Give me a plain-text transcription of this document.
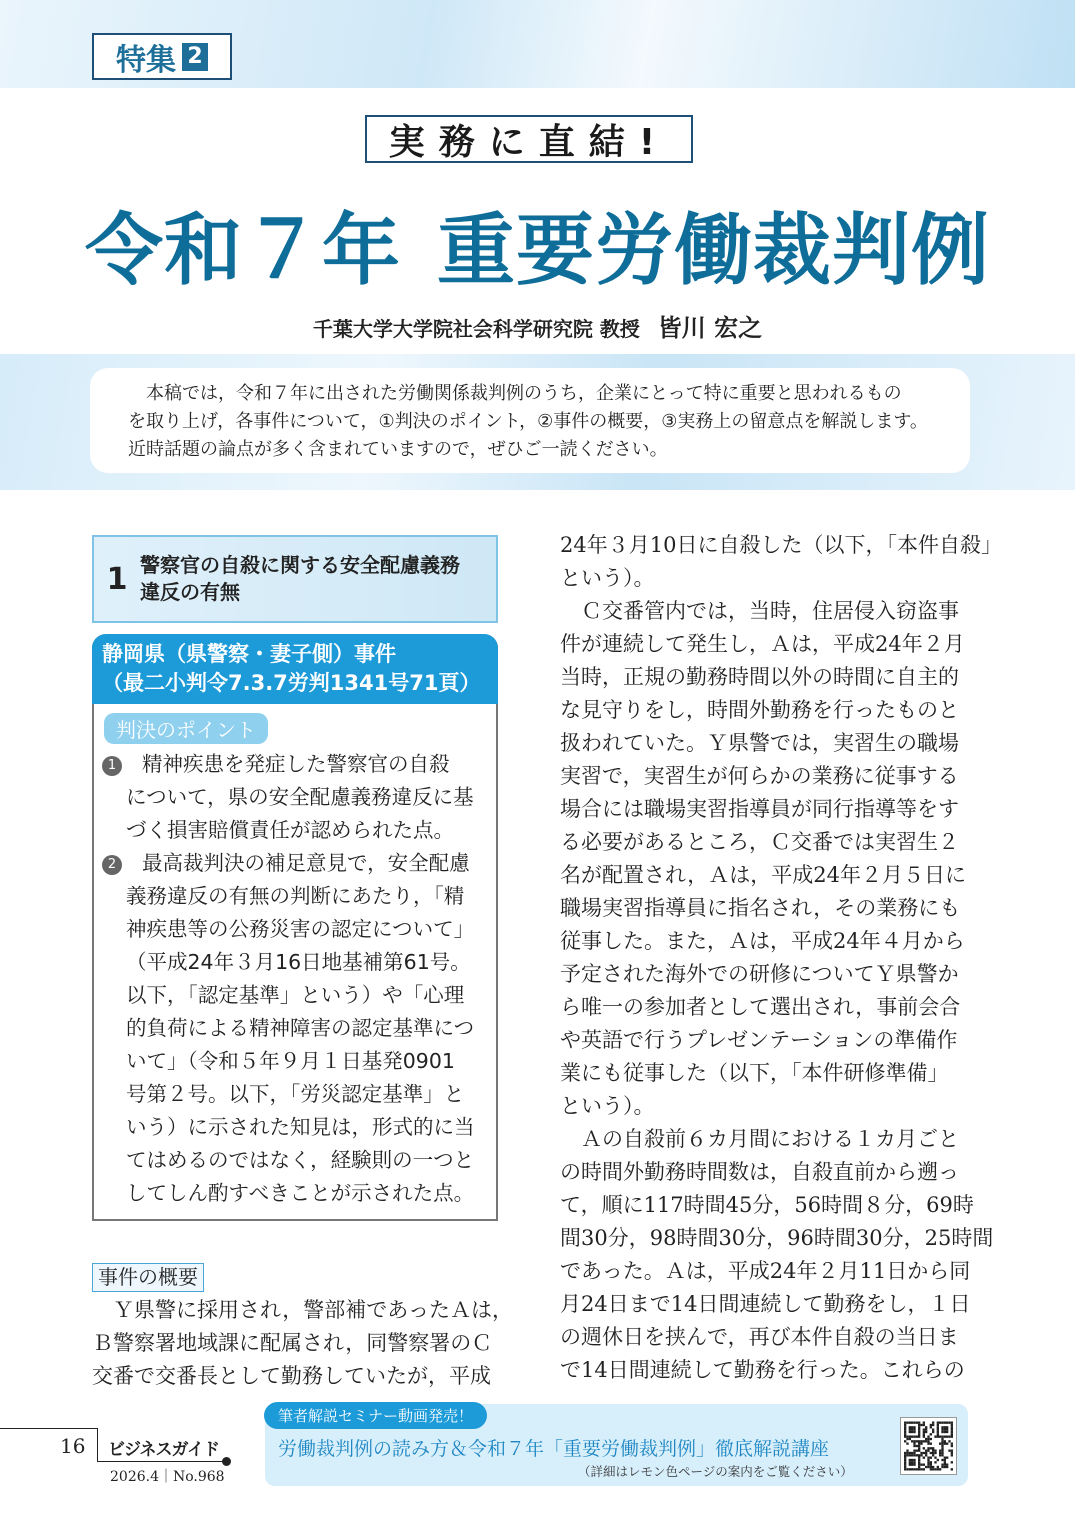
特集 2
実務に直結!
令和７年 重要労働裁判例
千葉大学大学院社会科学研究院 教授 皆川 宏之
　本稿では，令和７年に出された労働関係裁判例のうち，企業にとって特に重要と思われるもの
を取り上げ，各事件について，①判決のポイント，②事件の概要，③実務上の留意点を解説します。
近時話題の論点が多く含まれていますので，ぜひご一読ください。
1 警察官の自殺に関する安全配慮義務
違反の有無
静岡県（県警察・妻子側）事件
（最二小判令7.3.7労判1341号71頁）
判決のポイント
1 精神疾患を発症した警察官の自殺
について，県の安全配慮義務違反に基
づく損害賠償責任が認められた点。
2 最高裁判決の補足意見で，安全配慮
義務違反の有無の判断にあたり，「精
神疾患等の公務災害の認定について」
（平成24年３月16日地基補第61号。
以下，「認定基準」という）や「心理
的負荷による精神障害の認定基準につ
いて」（令和５年９月１日基発0901
号第２号。以下，「労災認定基準」と
いう）に示された知見は，形式的に当
てはめるのではなく，経験則の一つと
してしん酌すべきことが示された点。
事件の概要
　Ｙ県警に採用され，警部補であったＡは，
Ｂ警察署地域課に配属され，同警察署のＣ
交番で交番長として勤務していたが，平成
24年３月10日に自殺した（以下，「本件自殺」
という）。
　Ｃ交番管内では，当時，住居侵入窃盗事
件が連続して発生し，Ａは，平成24年２月
当時，正規の勤務時間以外の時間に自主的
な見守りをし，時間外勤務を行ったものと
扱われていた。Ｙ県警では，実習生の職場
実習で，実習生が何らかの業務に従事する
場合には職場実習指導員が同行指導等をす
る必要があるところ，Ｃ交番では実習生２
名が配置され，Ａは，平成24年２月５日に
職場実習指導員に指名され，その業務にも
従事した。また，Ａは，平成24年４月から
予定された海外での研修についてＹ県警か
ら唯一の参加者として選出され，事前会合
や英語で行うプレゼンテーションの準備作
業にも従事した（以下，「本件研修準備」
という）。
　Ａの自殺前６カ月間における１カ月ごと
の時間外勤務時間数は，自殺直前から遡っ
て，順に117時間45分，56時間８分，69時
間30分，98時間30分，96時間30分，25時間
であった。Ａは，平成24年２月11日から同
月24日まで14日間連続して勤務をし，１日
の週休日を挟んで，再び本件自殺の当日ま
で14日間連続して勤務を行った。これらの
16 ビジネスガイド
2026.4｜No.968
筆者解説セミナー動画発売！
労働裁判例の読み方＆令和７年「重要労働裁判例」徹底解説講座
（詳細はレモン色ページの案内をご覧ください）
